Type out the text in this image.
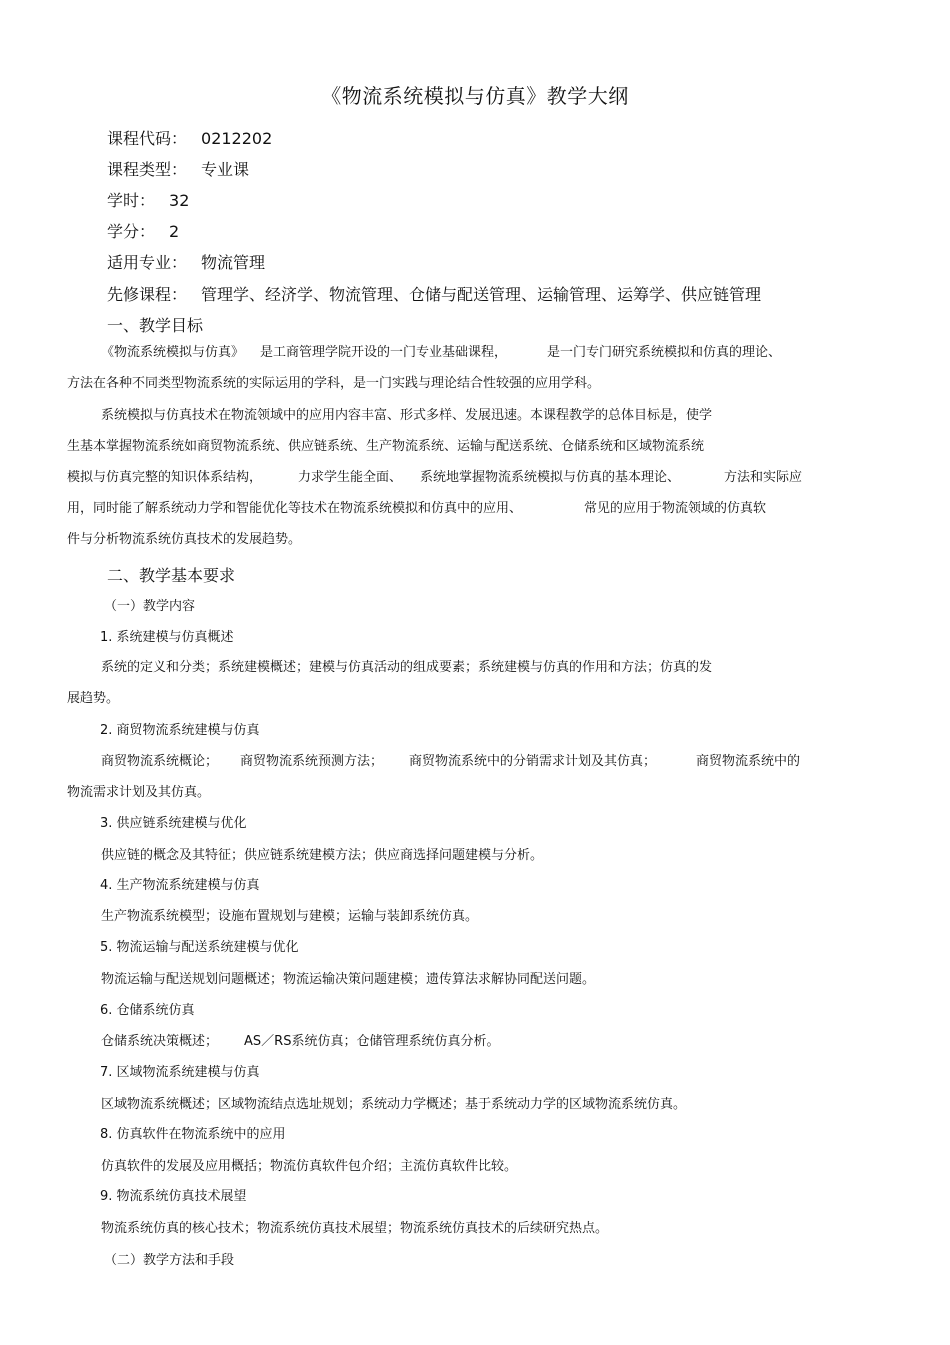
《物流系统模拟与仿真》教学大纲
课程代码： 0212202
课程类型： 专业课
学时： 32
学分： 2
适用专业： 物流管理
先修课程： 管理学、经济学、物流管理、仓储与配送管理、运输管理、运筹学、供应链管理
一、教学目标
《物流系统模拟与仿真》 是工商管理学院开设的一门专业基础课程，	是一门专门研究系统模拟和仿真的理论、
方法在各种不同类型物流系统的实际运用的学科，是一门实践与理论结合性较强的应用学科。
系统模拟与仿真技术在物流领域中的应用内容丰富、形式多样、发展迅速。本课程教学的总体目标是，使学
生基本掌握物流系统如商贸物流系统、供应链系统、生产物流系统、运输与配送系统、仓储系统和区域物流系统
模拟与仿真完整的知识体系结构，	力求学生能全面、 系统地掌握物流系统模拟与仿真的基本理论、	方法和实际应
用，同时能了解系统动力学和智能优化等技术在物流系统模拟和仿真中的应用、	常见的应用于物流领域的仿真软
件与分析物流系统仿真技术的发展趋势。
二、教学基本要求
（一）教学内容
1. 系统建模与仿真概述
系统的定义和分类；系统建模概述；建模与仿真活动的组成要素；系统建模与仿真的作用和方法；仿真的发
展趋势。
2. 商贸物流系统建模与仿真
商贸物流系统概论； 商贸物流系统预测方法； 商贸物流系统中的分销需求计划及其仿真；	商贸物流系统中的
物流需求计划及其仿真。
3. 供应链系统建模与优化
供应链的概念及其特征；供应链系统建模方法；供应商选择问题建模与分析。
4. 生产物流系统建模与仿真
生产物流系统模型；设施布置规划与建模；运输与装卸系统仿真。
5. 物流运输与配送系统建模与优化
物流运输与配送规划问题概述；物流运输决策问题建模；遗传算法求解协同配送问题。
6. 仓储系统仿真
仓储系统决策概述； AS／RS系统仿真；仓储管理系统仿真分析。
7. 区域物流系统建模与仿真
区域物流系统概述；区域物流结点选址规划；系统动力学概述；基于系统动力学的区域物流系统仿真。
8. 仿真软件在物流系统中的应用
仿真软件的发展及应用概括；物流仿真软件包介绍；主流仿真软件比较。
9. 物流系统仿真技术展望
物流系统仿真的核心技术；物流系统仿真技术展望；物流系统仿真技术的后续研究热点。
（二）教学方法和手段
